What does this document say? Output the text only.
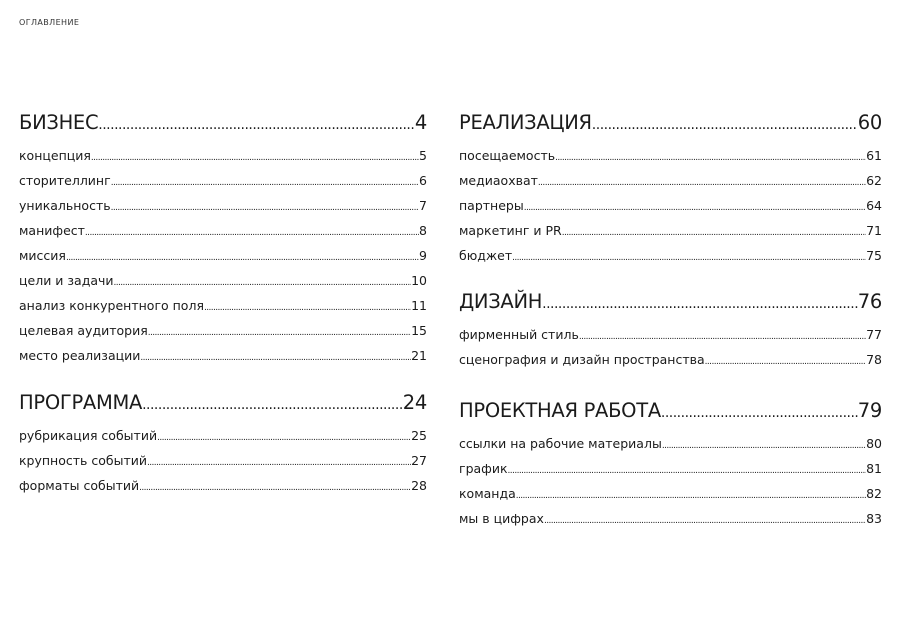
ОГЛАВЛЕНИЕ
БИЗНЕС .....	4
концепция .....	5
сторителлинг .....	6
уникальность .....	7
манифест .....	8
миссия .....	9
цели и задачи .....	10
анализ конкурентного поля .....	11
целевая аудитория .....	15
место реализации .....	21
ПРОГРАММА .....	24
рубрикация событий .....	25
крупность событий .....	27
форматы событий .....	28
РЕАЛИЗАЦИЯ .....	60
посещаемость .....	61
медиаохват .....	62
партнеры .....	64
маркетинг и PR .....	71
бюджет .....	75
ДИЗАЙН .....	76
фирменный стиль .....	77
сценография и дизайн пространства .....	78
ПРОЕКТНАЯ РАБОТА .....	79
ссылки на рабочие материалы .....	80
график .....	81
команда .....	82
мы в цифрах .....	83
